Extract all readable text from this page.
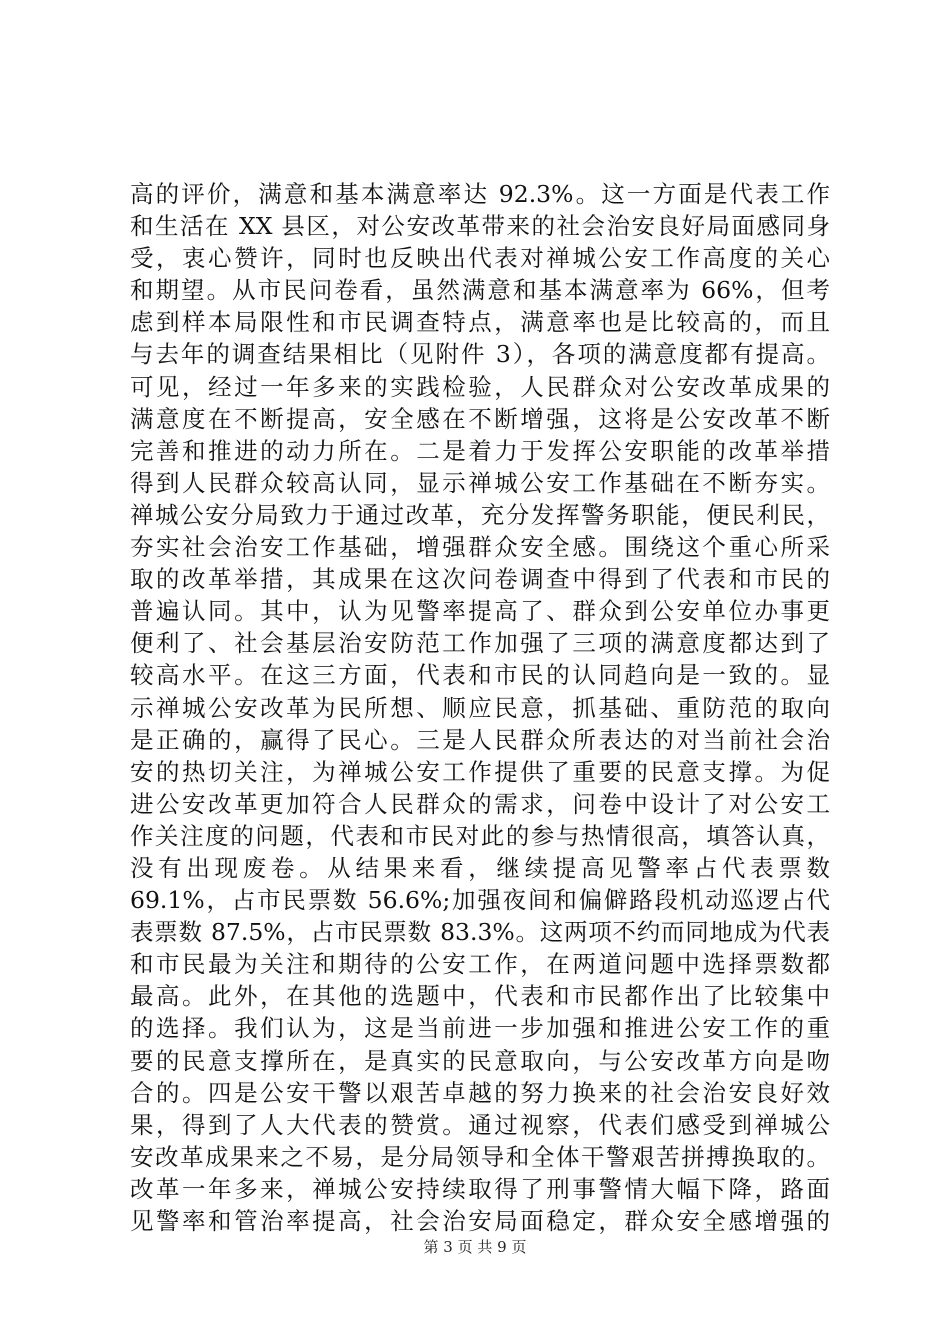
高的评价，满意和基本满意率达 92.3%。这一方面是代表工作
和生活在 XX 县区，对公安改革带来的社会治安良好局面感同身
受，衷心赞许，同时也反映出代表对禅城公安工作高度的关心
和期望。从市民问卷看，虽然满意和基本满意率为 66%，但考
虑到样本局限性和市民调查特点，满意率也是比较高的，而且
与去年的调查结果相比（见附件 3），各项的满意度都有提高。
可见，经过一年多来的实践检验，人民群众对公安改革成果的
满意度在不断提高，安全感在不断增强，这将是公安改革不断
完善和推进的动力所在。二是着力于发挥公安职能的改革举措
得到人民群众较高认同，显示禅城公安工作基础在不断夯实。
禅城公安分局致力于通过改革，充分发挥警务职能，便民利民，
夯实社会治安工作基础，增强群众安全感。围绕这个重心所采
取的改革举措，其成果在这次问卷调查中得到了代表和市民的
普遍认同。其中，认为见警率提高了、群众到公安单位办事更
便利了、社会基层治安防范工作加强了三项的满意度都达到了
较高水平。在这三方面，代表和市民的认同趋向是一致的。显
示禅城公安改革为民所想、顺应民意，抓基础、重防范的取向
是正确的，赢得了民心。三是人民群众所表达的对当前社会治
安的热切关注，为禅城公安工作提供了重要的民意支撑。为促
进公安改革更加符合人民群众的需求，问卷中设计了对公安工
作关注度的问题，代表和市民对此的参与热情很高，填答认真，
没有出现废卷。从结果来看，继续提高见警率占代表票数
69.1%，占市民票数 56.6%;加强夜间和偏僻路段机动巡逻占代
表票数 87.5%，占市民票数 83.3%。这两项不约而同地成为代表
和市民最为关注和期待的公安工作，在两道问题中选择票数都
最高。此外，在其他的选题中，代表和市民都作出了比较集中
的选择。我们认为，这是当前进一步加强和推进公安工作的重
要的民意支撑所在，是真实的民意取向，与公安改革方向是吻
合的。四是公安干警以艰苦卓越的努力换来的社会治安良好效
果，得到了人大代表的赞赏。通过视察，代表们感受到禅城公
安改革成果来之不易，是分局领导和全体干警艰苦拼搏换取的。
改革一年多来，禅城公安持续取得了刑事警情大幅下降，路面
见警率和管治率提高，社会治安局面稳定，群众安全感增强的
第 3 页 共 9 页
